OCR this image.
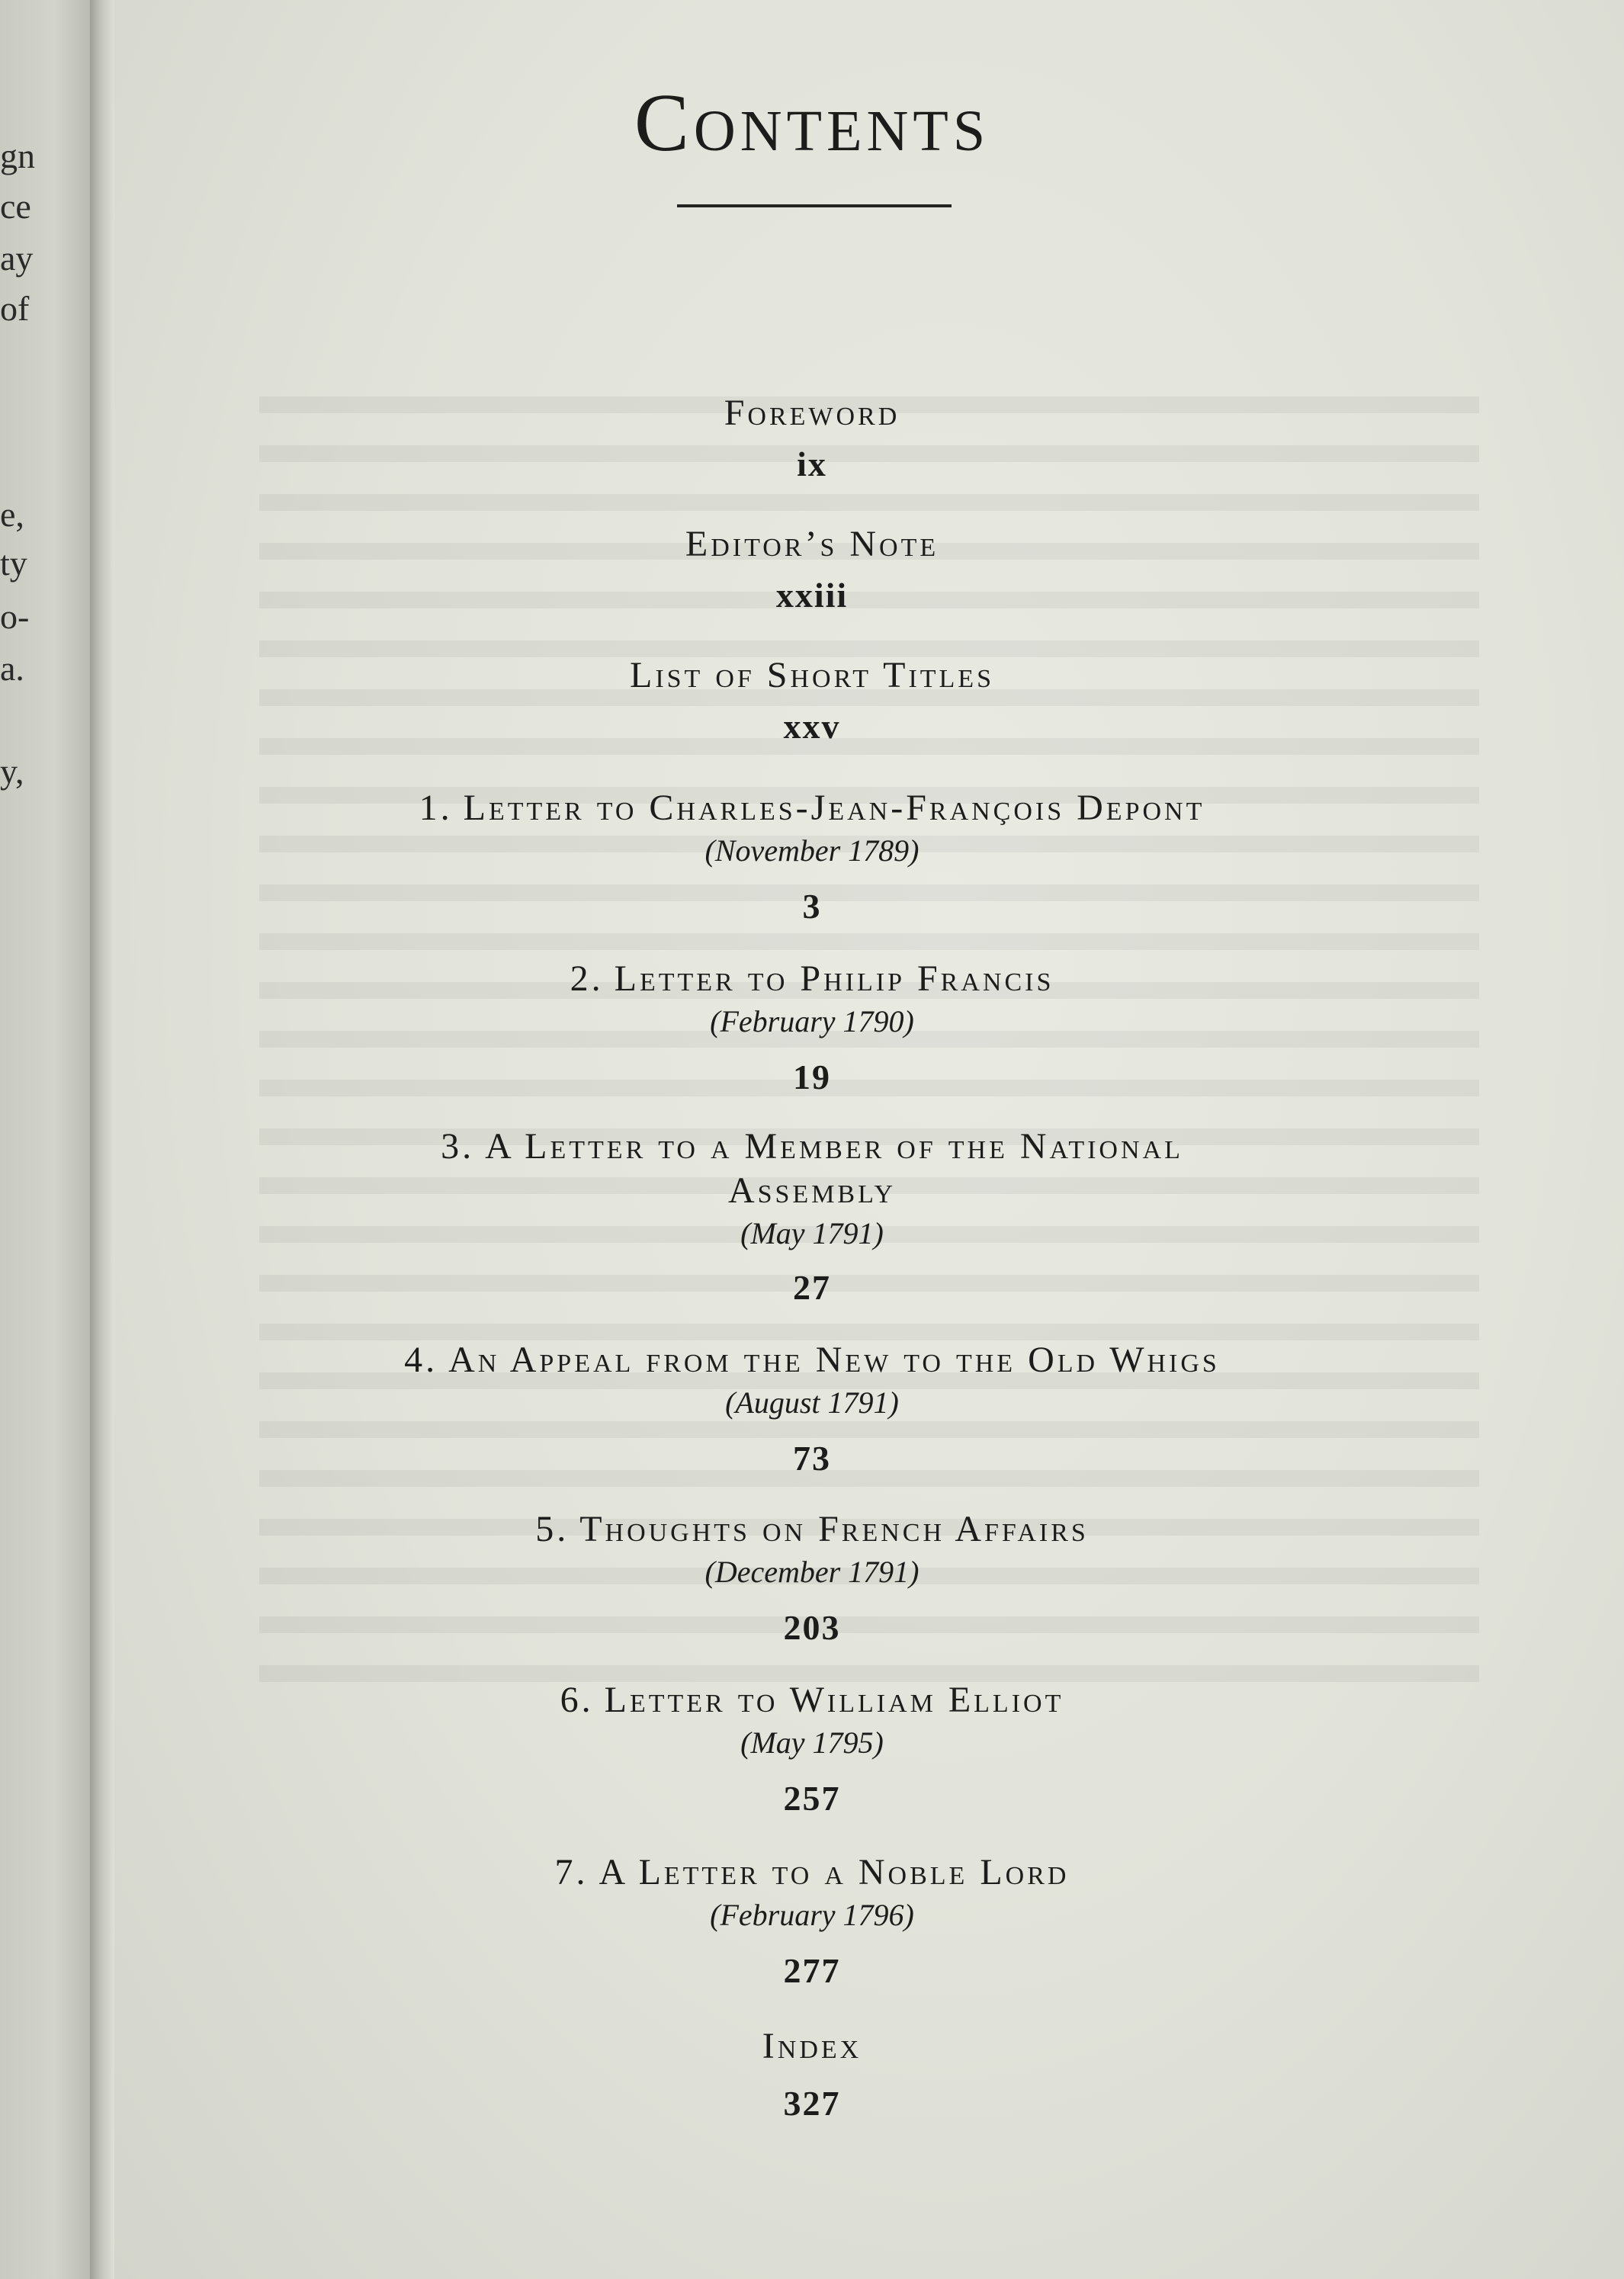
gn
ce
ay
of
e,
ty
o-
a.
y,
Contents
Foreword
ix
Editor’s Note
xxiii
List of Short Titles
xxv
1. Letter to Charles-Jean-François Depont
(November 1789)
3
2. Letter to Philip Francis
(February 1790)
19
3. A Letter to a Member of the National
Assembly
(May 1791)
27
4. An Appeal from the New to the Old Whigs
(August 1791)
73
5. Thoughts on French Affairs
(December 1791)
203
6. Letter to William Elliot
(May 1795)
257
7. A Letter to a Noble Lord
(February 1796)
277
Index
327
